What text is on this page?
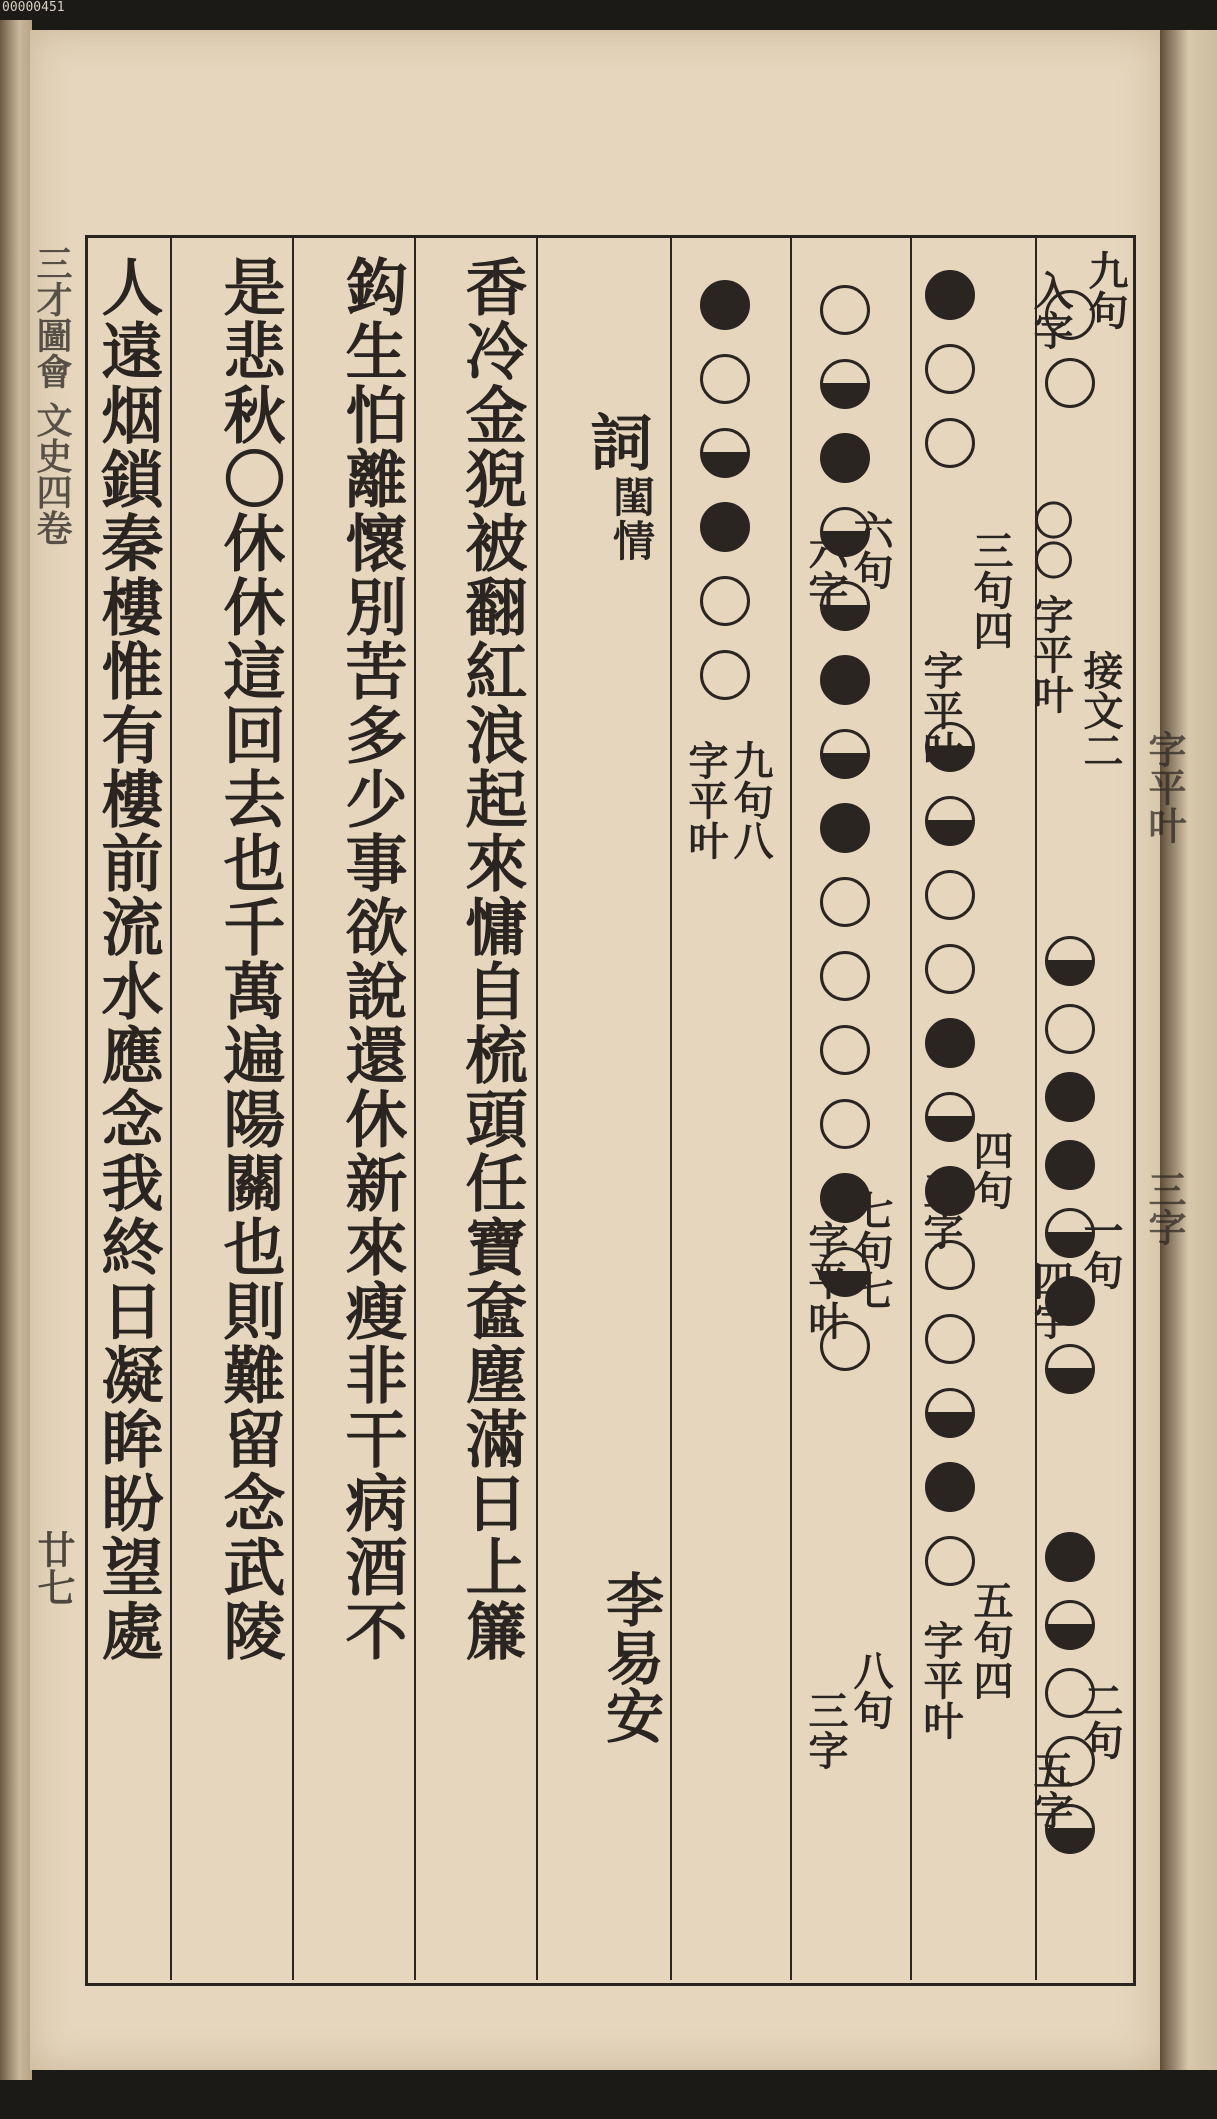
00000451
三才圖會 文史四卷
廿七	香冷金猊被翻紅浪起來慵自梳頭任寶奩塵滿日上簾
鈎生怕離懷別苦多少事欲說還休新來瘦非干病酒不
是悲秋〇休休這回去也千萬遍陽關也則難留念武陵
人遠烟鎖秦樓惟有樓前流水應念我終日凝眸盼望處	詞
閨情
李易安
九句
入字
〇〇 字平叶 接文二
一句
四字
二句
五字
三句四
字平叶
四句
五字
五句四
字平叶
六句
六字
七句七
字平叶
八句
三字
九句八
字平叶	字平叶
三字
